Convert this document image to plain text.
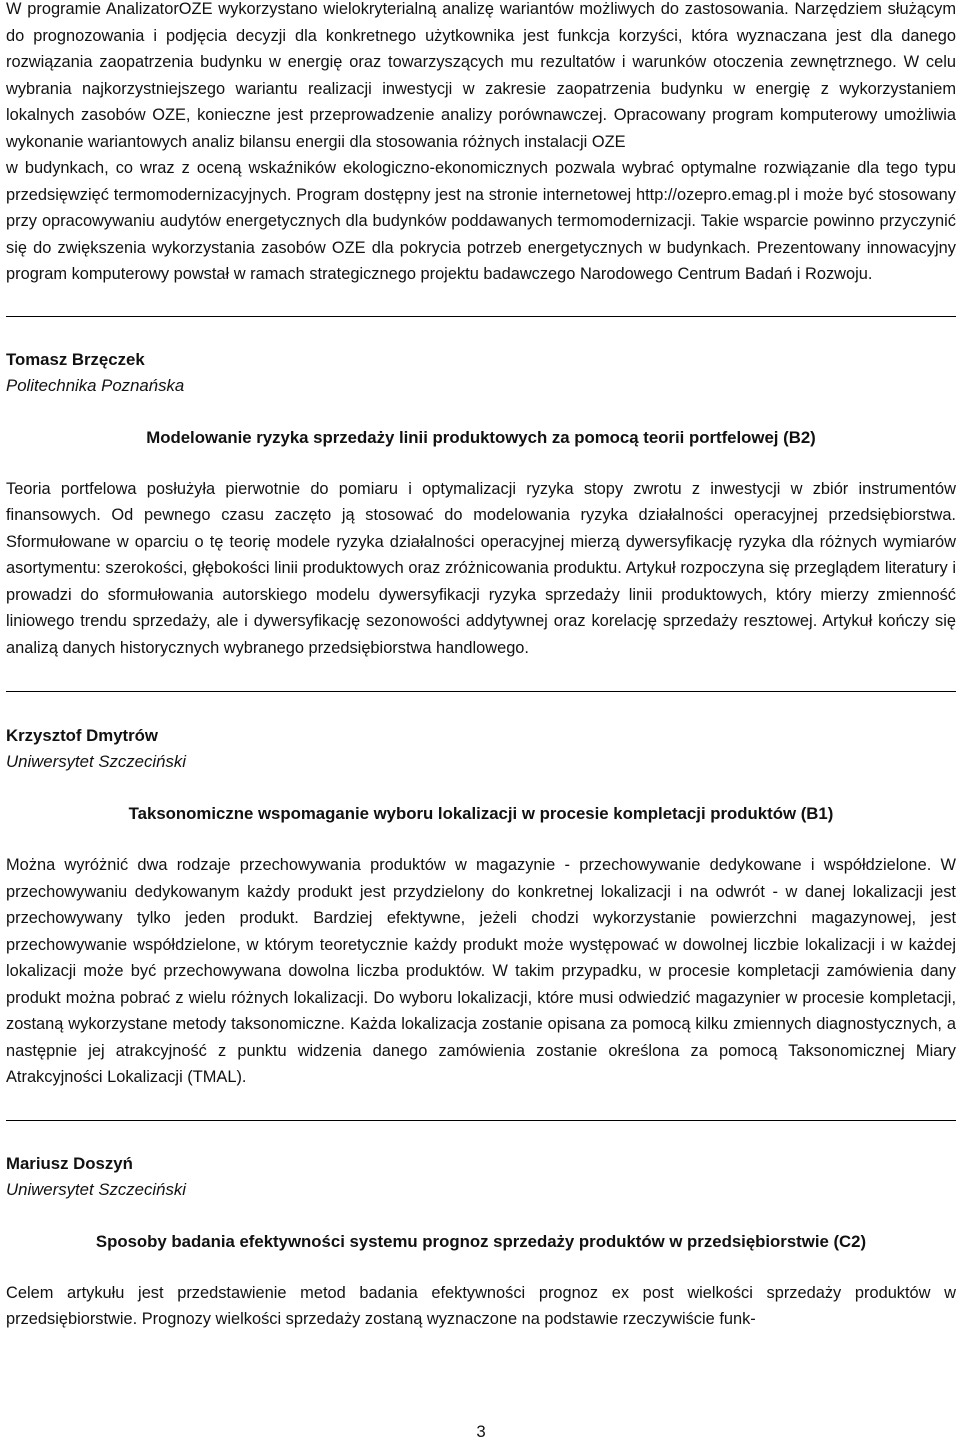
W programie AnalizatorOZE wykorzystano wielokryterialną analizę wariantów możliwych do zastosowania. Narzędziem służącym do prognozowania i podjęcia decyzji dla konkretnego użytkownika jest funkcja korzyści, która wyznaczana jest dla danego rozwiązania zaopatrzenia budynku w energię oraz towarzyszących mu rezultatów i warunków otoczenia zewnętrznego. W celu wybrania najkorzystniejszego wariantu realizacji inwestycji w zakresie zaopatrzenia budynku w energię z wykorzystaniem lokalnych zasobów OZE, konieczne jest przeprowadzenie analizy porównawczej. Opracowany program komputerowy umożliwia wykonanie wariantowych analiz bilansu energii dla stosowania różnych instalacji OZE

w budynkach, co wraz z oceną wskaźników ekologiczno-ekonomicznych pozwala wybrać optymalne rozwiązanie dla tego typu przedsięwzięć termomodernizacyjnych. Program dostępny jest na stronie internetowej http://ozepro.emag.pl i może być stosowany przy opracowywaniu audytów energetycznych dla budynków poddawanych termomodernizacji. Takie wsparcie powinno przyczynić się do zwiększenia wykorzystania zasobów OZE dla pokrycia potrzeb energetycznych w budynkach. Prezentowany innowacyjny program komputerowy powstał w ramach strategicznego projektu badawczego Narodowego Centrum Badań i Rozwoju.

Tomasz Brzęczek

Politechnika Poznańska

Modelowanie ryzyka sprzedaży linii produktowych za pomocą teorii portfelowej (B2)

Teoria portfelowa posłużyła pierwotnie do pomiaru i optymalizacji ryzyka stopy zwrotu z inwestycji w zbiór instrumentów finansowych. Od pewnego czasu zaczęto ją stosować do modelowania ryzyka działalności operacyjnej przedsiębiorstwa. Sformułowane w oparciu o tę teorię modele ryzyka działalności operacyjnej mierzą dywersyfikację ryzyka dla różnych wymiarów asortymentu: szerokości, głębokości linii produktowych oraz zróżnicowania produktu. Artykuł rozpoczyna się przeglądem literatury i prowadzi do sformułowania autorskiego modelu dywersyfikacji ryzyka sprzedaży linii produktowych, który mierzy zmienność liniowego trendu sprzedaży, ale i dywersyfikację sezonowości addytywnej oraz korelację sprzedaży resztowej. Artykuł kończy się analizą danych historycznych wybranego przedsiębiorstwa handlowego.

Krzysztof Dmytrów

Uniwersytet Szczeciński

Taksonomiczne wspomaganie wyboru lokalizacji w procesie kompletacji produktów (B1)

Można wyróżnić dwa rodzaje przechowywania produktów w magazynie - przechowywanie dedykowane i współdzielone. W przechowywaniu dedykowanym każdy produkt jest przydzielony do konkretnej lokalizacji i na odwrót - w danej lokalizacji jest przechowywany tylko jeden produkt. Bardziej efektywne, jeżeli chodzi wykorzystanie powierzchni magazynowej, jest przechowywanie współdzielone, w którym teoretycznie każdy produkt może występować w dowolnej liczbie lokalizacji i w każdej lokalizacji może być przechowywana dowolna liczba produktów. W takim przypadku, w procesie kompletacji zamówienia dany produkt można pobrać z wielu różnych lokalizacji. Do wyboru lokalizacji, które musi odwiedzić magazynier w procesie kompletacji, zostaną wykorzystane metody taksonomiczne. Każda lokalizacja zostanie opisana za pomocą kilku zmiennych diagnostycznych, a następnie jej atrakcyjność z punktu widzenia danego zamówienia zostanie określona za pomocą Taksonomicznej Miary Atrakcyjności Lokalizacji (TMAL).

Mariusz Doszyń

Uniwersytet Szczeciński

Sposoby badania efektywności systemu prognoz sprzedaży produktów w przedsiębiorstwie (C2)

Celem artykułu jest przedstawienie metod badania efektywności prognoz ex post wielkości sprzedaży produktów w przedsiębiorstwie. Prognozy wielkości sprzedaży zostaną wyznaczone na podstawie rzeczywiście funk-

3
